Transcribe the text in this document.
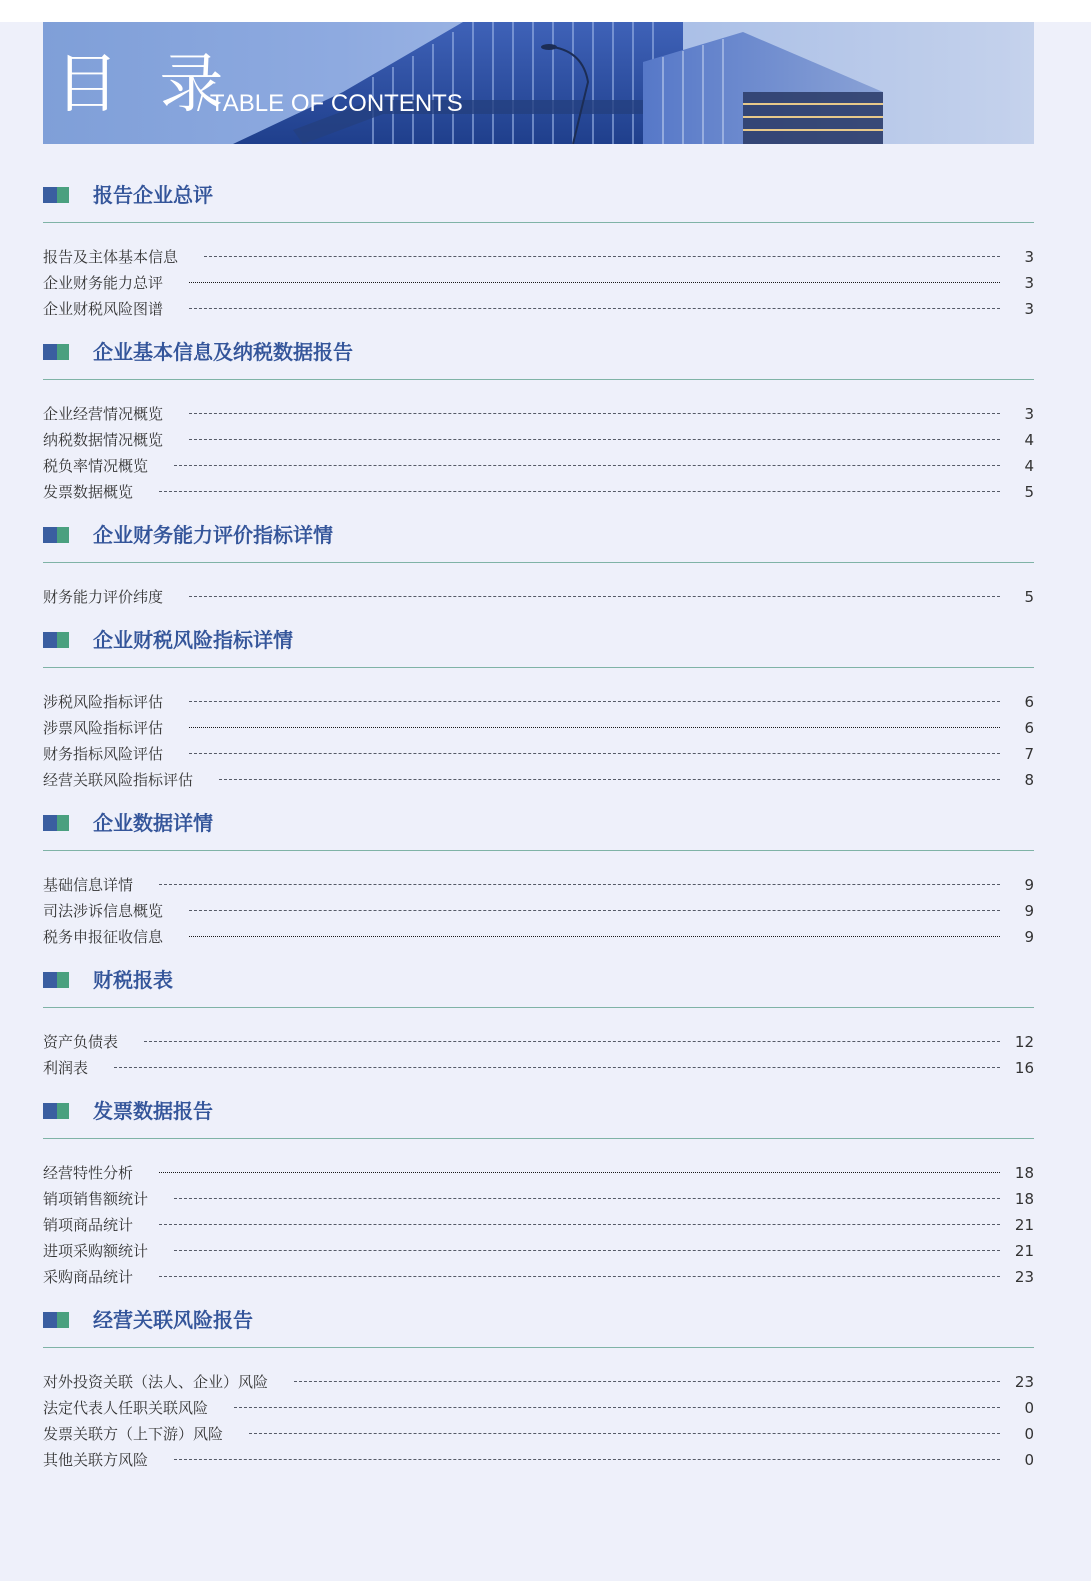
目 录
/ TABLE OF CONTENTS
报告企业总评
报告及主体基本信息	3
企业财务能力总评	3
企业财税风险图谱	3
企业基本信息及纳税数据报告
企业经营情况概览	3
纳税数据情况概览	4
税负率情况概览	4
发票数据概览	5
企业财务能力评价指标详情
财务能力评价纬度	5
企业财税风险指标详情
涉税风险指标评估	6
涉票风险指标评估	6
财务指标风险评估	7
经营关联风险指标评估	8
企业数据详情
基础信息详情	9
司法涉诉信息概览	9
税务申报征收信息	9
财税报表
资产负债表	12
利润表	16
发票数据报告
经营特性分析	18
销项销售额统计	18
销项商品统计	21
进项采购额统计	21
采购商品统计	23
经营关联风险报告
对外投资关联（法人、企业）风险	23
法定代表人任职关联风险	0
发票关联方（上下游）风险	0
其他关联方风险	0
